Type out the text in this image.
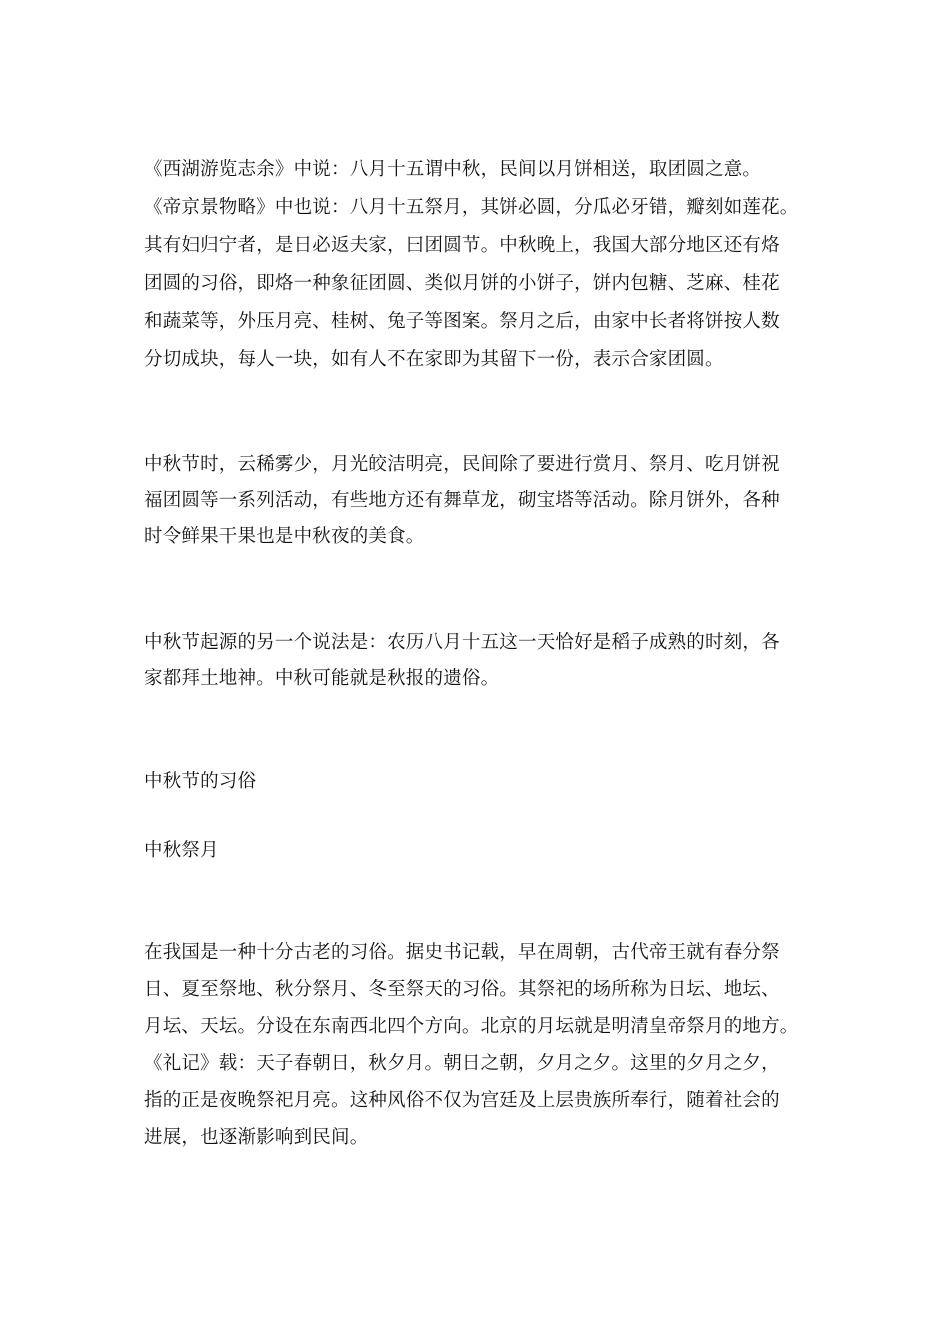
《西湖游览志余》中说：八月十五谓中秋，民间以月饼相送，取团圆之意。
《帝京景物略》中也说：八月十五祭月，其饼必圆，分瓜必牙错，瓣刻如莲花。
其有妇归宁者，是日必返夫家，曰团圆节。中秋晚上，我国大部分地区还有烙
团圆的习俗，即烙一种象征团圆、类似月饼的小饼子，饼内包糖、芝麻、桂花
和蔬菜等，外压月亮、桂树、兔子等图案。祭月之后，由家中长者将饼按人数
分切成块，每人一块，如有人不在家即为其留下一份，表示合家团圆。
中秋节时，云稀雾少，月光皎洁明亮，民间除了要进行赏月、祭月、吃月饼祝
福团圆等一系列活动，有些地方还有舞草龙，砌宝塔等活动。除月饼外，各种
时令鲜果干果也是中秋夜的美食。
中秋节起源的另一个说法是：农历八月十五这一天恰好是稻子成熟的时刻，各
家都拜土地神。中秋可能就是秋报的遗俗。
中秋节的习俗
中秋祭月
在我国是一种十分古老的习俗。据史书记载，早在周朝，古代帝王就有春分祭
日、夏至祭地、秋分祭月、冬至祭天的习俗。其祭祀的场所称为日坛、地坛、
月坛、天坛。分设在东南西北四个方向。北京的月坛就是明清皇帝祭月的地方。
《礼记》载：天子春朝日，秋夕月。朝日之朝，夕月之夕。这里的夕月之夕，
指的正是夜晚祭祀月亮。这种风俗不仅为宫廷及上层贵族所奉行，随着社会的
进展，也逐渐影响到民间。
